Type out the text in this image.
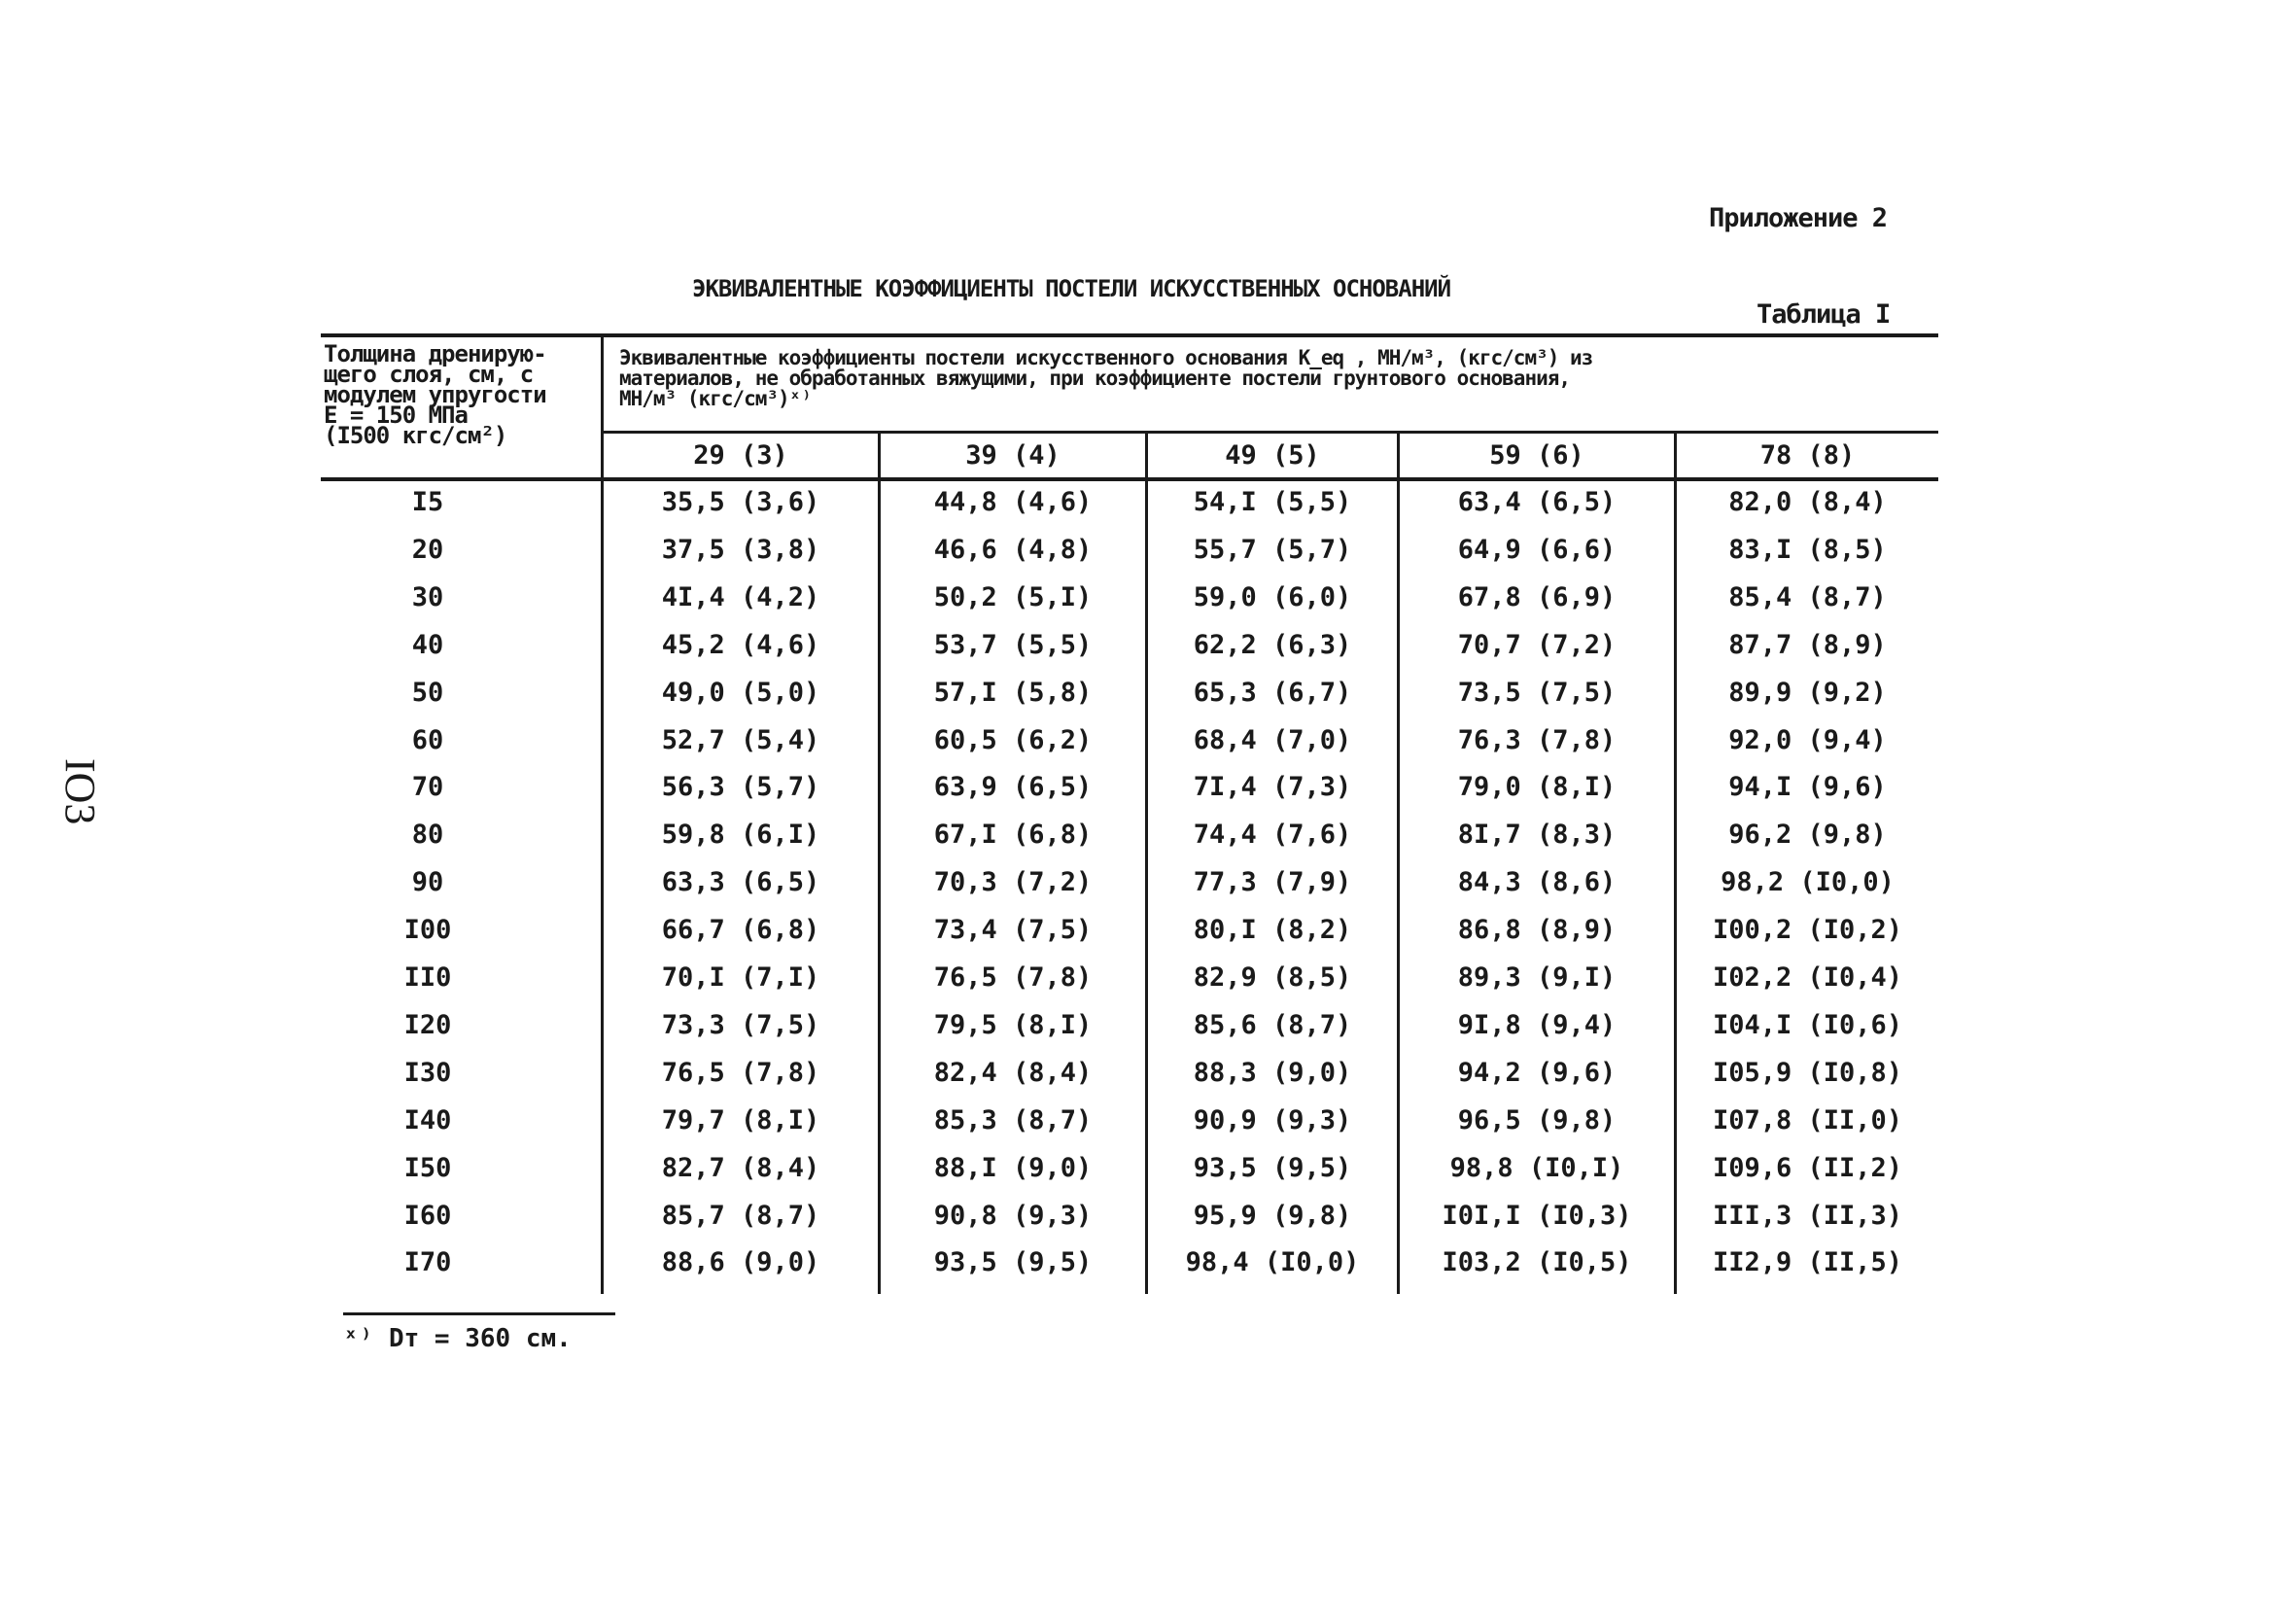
IO3
Приложение 2
ЭКВИВАЛЕНТНЫЕ КОЭФФИЦИЕНТЫ ПОСТЕЛИ ИСКУССТВЕННЫХ ОСНОВАНИЙ
Таблица I
Толщина дренирую-
щего слоя, см, с
модулем упругости
E = 150 МПа
(I500 кгс/см²)
Эквивалентные коэффициенты постели искусственного основания K_eq , МН/м³, (кгс/см³) из
материалов, не обработанных вяжущими, при коэффициенте постели грунтового основания,
МН/м³ (кгс/см³)ˣ⁾
29 (3)	39 (4)	49 (5)	59 (6)	78 (8)
I5	35,5 (3,6)	44,8 (4,6)	54,I (5,5)	63,4 (6,5)	82,0 (8,4)
20	37,5 (3,8)	46,6 (4,8)	55,7 (5,7)	64,9 (6,6)	83,I (8,5)
30	4I,4 (4,2)	50,2 (5,I)	59,0 (6,0)	67,8 (6,9)	85,4 (8,7)
40	45,2 (4,6)	53,7 (5,5)	62,2 (6,3)	70,7 (7,2)	87,7 (8,9)
50	49,0 (5,0)	57,I (5,8)	65,3 (6,7)	73,5 (7,5)	89,9 (9,2)
60	52,7 (5,4)	60,5 (6,2)	68,4 (7,0)	76,3 (7,8)	92,0 (9,4)
70	56,3 (5,7)	63,9 (6,5)	7I,4 (7,3)	79,0 (8,I)	94,I (9,6)
80	59,8 (6,I)	67,I (6,8)	74,4 (7,6)	8I,7 (8,3)	96,2 (9,8)
90	63,3 (6,5)	70,3 (7,2)	77,3 (7,9)	84,3 (8,6)	98,2 (I0,0)
I00	66,7 (6,8)	73,4 (7,5)	80,I (8,2)	86,8 (8,9)	I00,2 (I0,2)
II0	70,I (7,I)	76,5 (7,8)	82,9 (8,5)	89,3 (9,I)	I02,2 (I0,4)
I20	73,3 (7,5)	79,5 (8,I)	85,6 (8,7)	9I,8 (9,4)	I04,I (I0,6)
I30	76,5 (7,8)	82,4 (8,4)	88,3 (9,0)	94,2 (9,6)	I05,9 (I0,8)
I40	79,7 (8,I)	85,3 (8,7)	90,9 (9,3)	96,5 (9,8)	I07,8 (II,0)
I50	82,7 (8,4)	88,I (9,0)	93,5 (9,5)	98,8 (I0,I)	I09,6 (II,2)
I60	85,7 (8,7)	90,8 (9,3)	95,9 (9,8)	I0I,I (I0,3)	III,3 (II,3)
I70	88,6 (9,0)	93,5 (9,5)	98,4 (I0,0)	I03,2 (I0,5)	II2,9 (II,5)
ˣ⁾ Dт = 360 см.
